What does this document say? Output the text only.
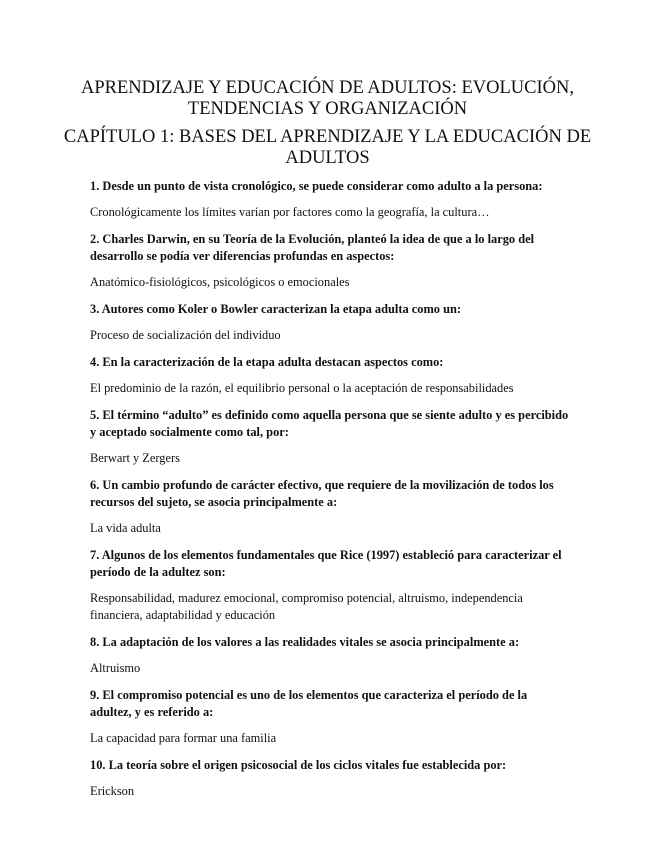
APRENDIZAJE Y EDUCACIÓN DE ADULTOS: EVOLUCIÓN, TENDENCIAS Y ORGANIZACIÓN
CAPÍTULO 1: BASES DEL APRENDIZAJE Y LA EDUCACIÓN DE ADULTOS

1. Desde un punto de vista cronológico, se puede considerar como adulto a la persona:

Cronológicamente los límites varían por factores como la geografía, la cultura…

2. Charles Darwin, en su Teoría de la Evolución, planteó la idea de que a lo largo del desarrollo se podía ver diferencias profundas en aspectos:

Anatómico-fisiológicos, psicológicos o emocionales

3. Autores como Koler o Bowler caracterizan la etapa adulta como un:

Proceso de socialización del individuo

4. En la caracterización de la etapa adulta destacan aspectos como:

El predominio de la razón, el equilibrio personal o la aceptación de responsabilidades

5. El término “adulto” es definido como aquella persona que se siente adulto y es percibido y aceptado socialmente como tal, por:

Berwart y Zergers

6. Un cambio profundo de carácter efectivo, que requiere de la movilización de todos los recursos del sujeto, se asocia principalmente a:

La vida adulta

7. Algunos de los elementos fundamentales que Rice (1997) estableció para caracterizar el período de la adultez son:

Responsabilidad, madurez emocional, compromiso potencial, altruismo, independencia financiera, adaptabilidad y educación

8. La adaptación de los valores a las realidades vitales se asocia principalmente a:

Altruismo

9. El compromiso potencial es uno de los elementos que caracteriza el período de la adultez, y es referido a:

La capacidad para formar una familia

10. La teoría sobre el origen psicosocial de los ciclos vitales fue establecida por:

Erickson
